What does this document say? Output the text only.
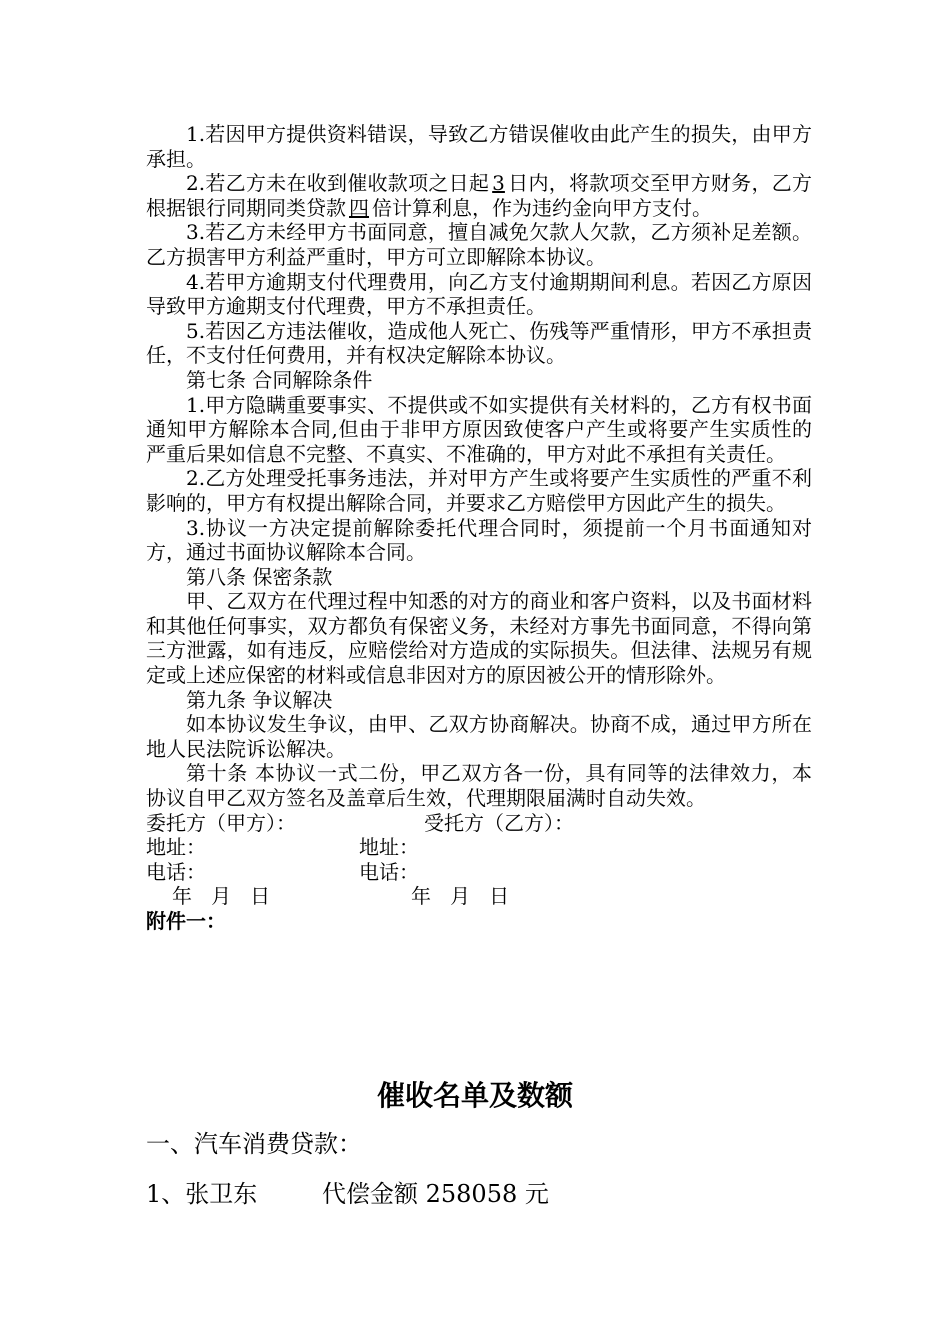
1.若因甲方提供资料错误，导致乙方错误催收由此产生的损失，由甲方承担。

2.若乙方未在收到催收款项之日起 3 日内，将款项交至甲方财务，乙方根据银行同期同类贷款 四 倍计算利息，作为违约金向甲方支付。

3.若乙方未经甲方书面同意，擅自减免欠款人欠款，乙方须补足差额。乙方损害甲方利益严重时，甲方可立即解除本协议。

4.若甲方逾期支付代理费用，向乙方支付逾期期间利息。若因乙方原因导致甲方逾期支付代理费，甲方不承担责任。

5.若因乙方违法催收，造成他人死亡、伤残等严重情形，甲方不承担责任，不支付任何费用，并有权决定解除本协议。

第七条 合同解除条件

1.甲方隐瞒重要事实、不提供或不如实提供有关材料的，乙方有权书面通知甲方解除本合同,但由于非甲方原因致使客户产生或将要产生实质性的严重后果如信息不完整、不真实、不准确的，甲方对此不承担有关责任。

2.乙方处理受托事务违法，并对甲方产生或将要产生实质性的严重不利影响的，甲方有权提出解除合同，并要求乙方赔偿甲方因此产生的损失。

3.协议一方决定提前解除委托代理合同时，须提前一个月书面通知对方，通过书面协议解除本合同。

第八条 保密条款

甲、乙双方在代理过程中知悉的对方的商业和客户资料，以及书面材料和其他任何事实，双方都负有保密义务，未经对方事先书面同意，不得向第三方泄露，如有违反，应赔偿给对方造成的实际损失。但法律、法规另有规定或上述应保密的材料或信息非因对方的原因被公开的情形除外。

第九条 争议解决

如本协议发生争议，由甲、乙双方协商解决。协商不成，通过甲方所在地人民法院诉讼解决。

第十条 本协议一式二份，甲乙双方各一份，具有同等的法律效力，本协议自甲乙双方签名及盖章后生效，代理期限届满时自动失效。

委托方（甲方）：	受托方（乙方）：
地址：	地址：
电话：	电话：
年   月   日	年   月   日

附件一：

催收名单及数额
一、汽车消费贷款：
1、张卫东	代偿金额 258058 元
